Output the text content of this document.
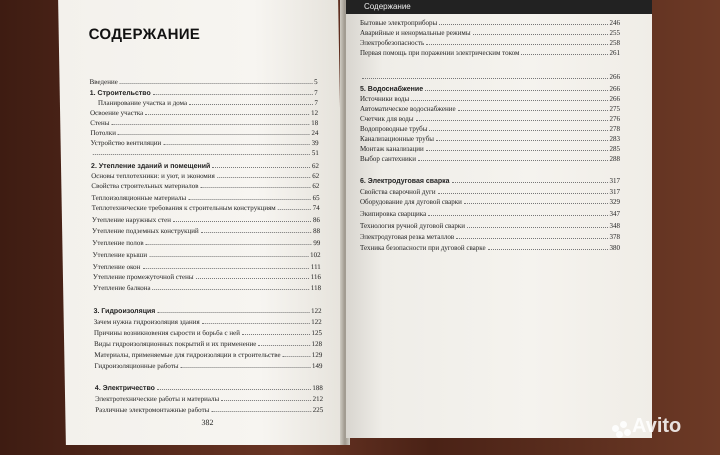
СОДЕРЖАНИЕ
Введение	5
1. Строительство	7
Планирование участка и дома	7
Освоение участка	12
Стены	18
Потолки	24
Устройство вентиляции	39
51
2. Утепление зданий и помещений	62
Основы теплотехники: и уют, и экономия	62
Свойства строительных материалов	62
Теплоизоляционные материалы	65
Теплотехнические требования к строительным конструкциям	74
Утепление наружных стен	86
Утепление подземных конструкций	88
Утепление полов	99
Утепление крыши	102
Утепление окон	111
Утепление промежуточной стены	116
Утепление балкона	118
3. Гидроизоляция	122
Зачем нужна гидроизоляция здания	122
Причины возникновения сырости и борьба с ней	125
Виды гидроизоляционных покрытий и их применение	128
Материалы, применяемые для гидроизоляции в строительстве	129
Гидроизоляционные работы	149
4. Электричество	188
Электротехнические работы и материалы	212
Различные электромонтажные работы	225
382
Содержание
Бытовые электроприборы	246
Аварийные и ненормальные режимы	255
Электробезопасность	258
Первая помощь при поражении электрическим током	261
266
5. Водоснабжение	266
Источники воды	266
Автоматическое водоснабжение	275
Счетчик для воды	276
Водопроводные трубы	278
Канализационные трубы	283
Монтаж канализации	285
Выбор сантехники	288
6. Электродуговая сварка	317
Свойства сварочной дуги	317
Оборудование для дуговой сварки	329
Экипировка сварщика	347
Технология ручной дуговой сварки	348
Электродуговая резка металлов	378
Техника безопасности при дуговой сварке	380
Avito
